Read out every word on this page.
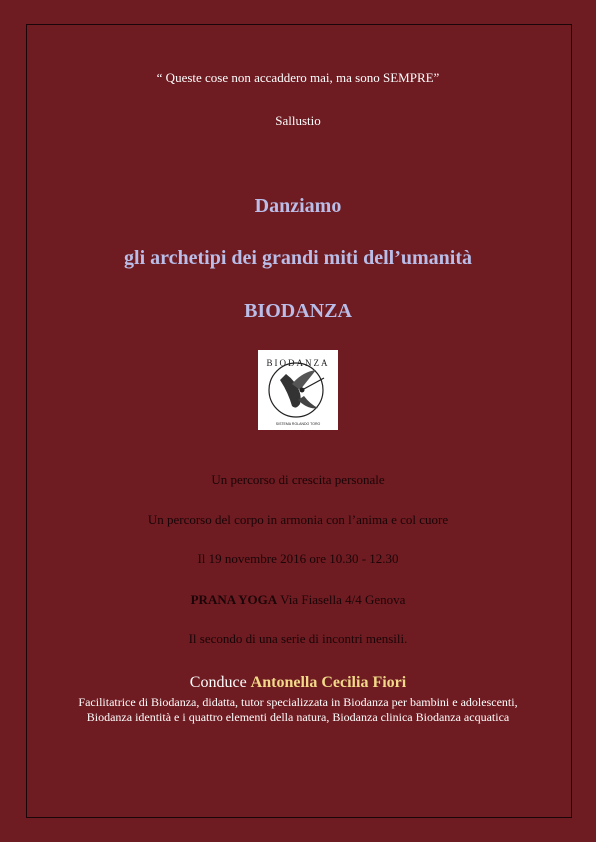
“ Queste cose non accaddero mai, ma sono SEMPRE”
Sallustio
Danziamo
gli archetipi dei grandi miti dell’umanità
BIODANZA
BIODANZA
SISTEMA ROLANDO TORO
Un percorso di crescita personale
Un percorso del corpo in armonia con l’anima e col cuore
Il 19 novembre 2016 ore 10.30 - 12.30
PRANA YOGA Via Fiasella 4/4 Genova
Il secondo di una serie di incontri mensili.
Conduce Antonella Cecilia Fiori
Facilitatrice di Biodanza, didatta, tutor specializzata in Biodanza per bambini e adolescenti, Biodanza identità e i quattro elementi della natura, Biodanza clinica Biodanza acquatica
